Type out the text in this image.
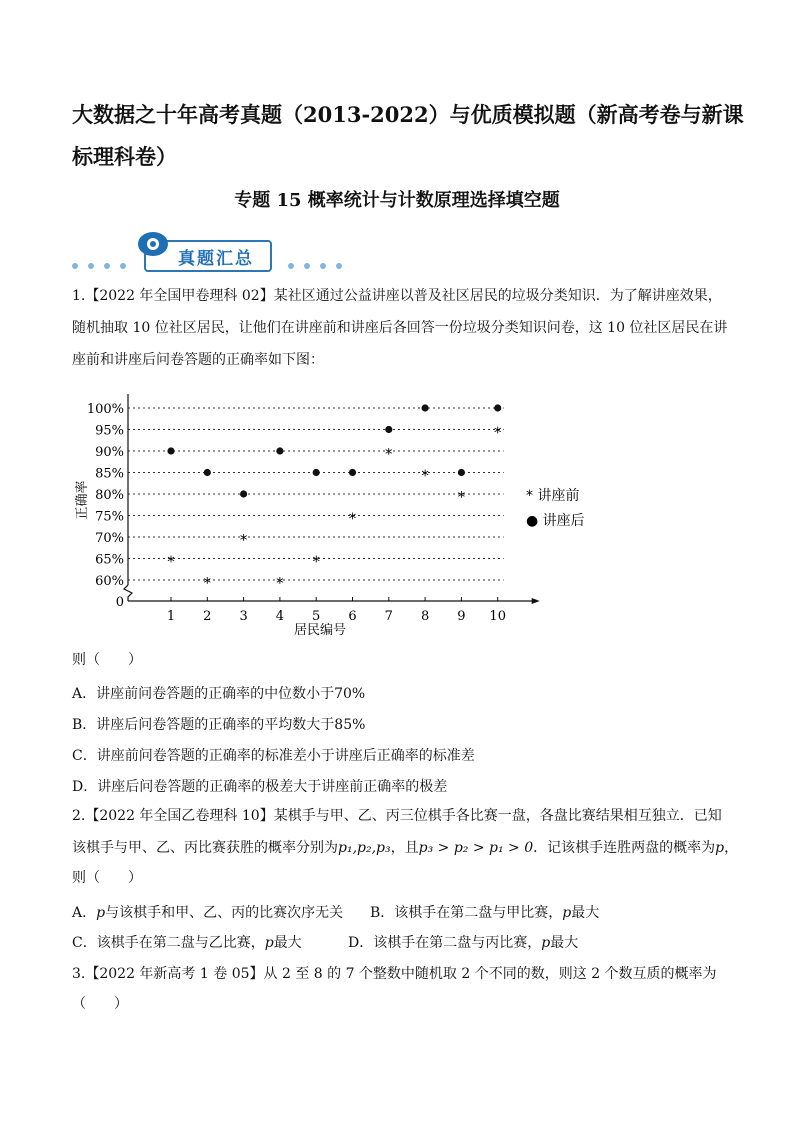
大数据之十年高考真题（2013-2022）与优质模拟题（新高考卷与新课
标理科卷）
专题 15 概率统计与计数原理选择填空题
真题汇总
1.【2022 年全国甲卷理科 02】某社区通过公益讲座以普及社区居民的垃圾分类知识．为了解讲座效果，
随机抽取 10 位社区居民，让他们在讲座前和讲座后各回答一份垃圾分类知识问卷，这 10 位社区居民在讲
座前和讲座后问卷答题的正确率如下图：
60%
65%
70%
75%
80%
85%
90%
95%
100%
0
1 2 3 4 5 6 7 8 9 10
居民编号
正确率
*
*
*
*
*
*
*
*
*
*
* 讲座前
● 讲座后
则（　　）
A．讲座前问卷答题的正确率的中位数小于70%
B．讲座后问卷答题的正确率的平均数大于85%
C．讲座前问卷答题的正确率的标准差小于讲座后正确率的标准差
D．讲座后问卷答题的正确率的极差大于讲座前正确率的极差
2.【2022 年全国乙卷理科 10】某棋手与甲、乙、丙三位棋手各比赛一盘，各盘比赛结果相互独立．已知
该棋手与甲、乙、丙比赛获胜的概率分别为p₁,p₂,p₃，且p₃ > p₂ > p₁ > 0．记该棋手连胜两盘的概率为p，
则（　　）
A．p与该棋手和甲、乙、丙的比赛次序无关 B．该棋手在第二盘与甲比赛，p最大
C．该棋手在第二盘与乙比赛，p最大	D．该棋手在第二盘与丙比赛，p最大
3.【2022 年新高考 1 卷 05】从 2 至 8 的 7 个整数中随机取 2 个不同的数，则这 2 个数互质的概率为
（　　）
